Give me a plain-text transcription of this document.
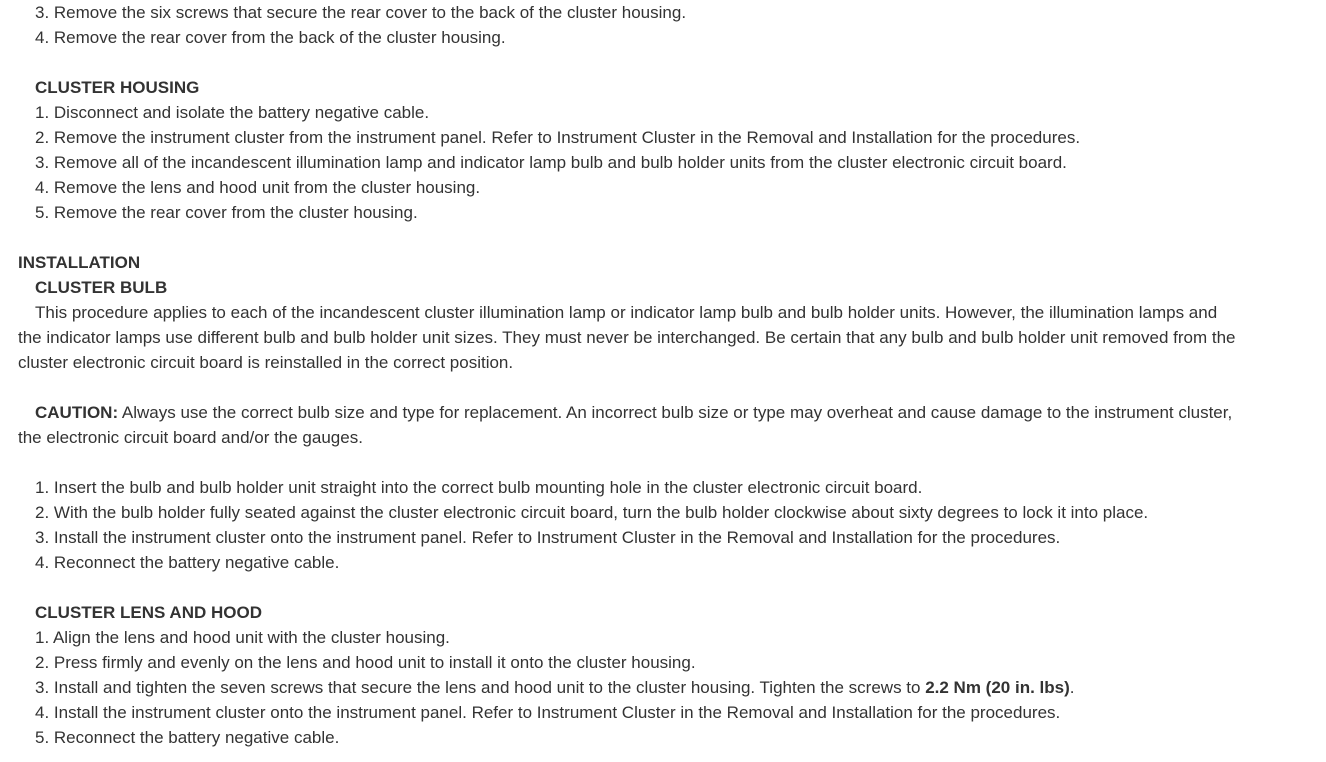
3. Remove the six screws that secure the rear cover to the back of the cluster housing.
4. Remove the rear cover from the back of the cluster housing.
CLUSTER HOUSING
1. Disconnect and isolate the battery negative cable.
2. Remove the instrument cluster from the instrument panel. Refer to Instrument Cluster in the Removal and Installation for the procedures.
3. Remove all of the incandescent illumination lamp and indicator lamp bulb and bulb holder units from the cluster electronic circuit board.
4. Remove the lens and hood unit from the cluster housing.
5. Remove the rear cover from the cluster housing.
INSTALLATION
CLUSTER BULB
This procedure applies to each of the incandescent cluster illumination lamp or indicator lamp bulb and bulb holder units. However, the illumination lamps and the indicator lamps use different bulb and bulb holder unit sizes. They must never be interchanged. Be certain that any bulb and bulb holder unit removed from the cluster electronic circuit board is reinstalled in the correct position.
CAUTION: Always use the correct bulb size and type for replacement. An incorrect bulb size or type may overheat and cause damage to the instrument cluster, the electronic circuit board and/or the gauges.
1. Insert the bulb and bulb holder unit straight into the correct bulb mounting hole in the cluster electronic circuit board.
2. With the bulb holder fully seated against the cluster electronic circuit board, turn the bulb holder clockwise about sixty degrees to lock it into place.
3. Install the instrument cluster onto the instrument panel. Refer to Instrument Cluster in the Removal and Installation for the procedures.
4. Reconnect the battery negative cable.
CLUSTER LENS AND HOOD
1. Align the lens and hood unit with the cluster housing.
2. Press firmly and evenly on the lens and hood unit to install it onto the cluster housing.
3. Install and tighten the seven screws that secure the lens and hood unit to the cluster housing. Tighten the screws to 2.2 Nm (20 in. lbs).
4. Install the instrument cluster onto the instrument panel. Refer to Instrument Cluster in the Removal and Installation for the procedures.
5. Reconnect the battery negative cable.
